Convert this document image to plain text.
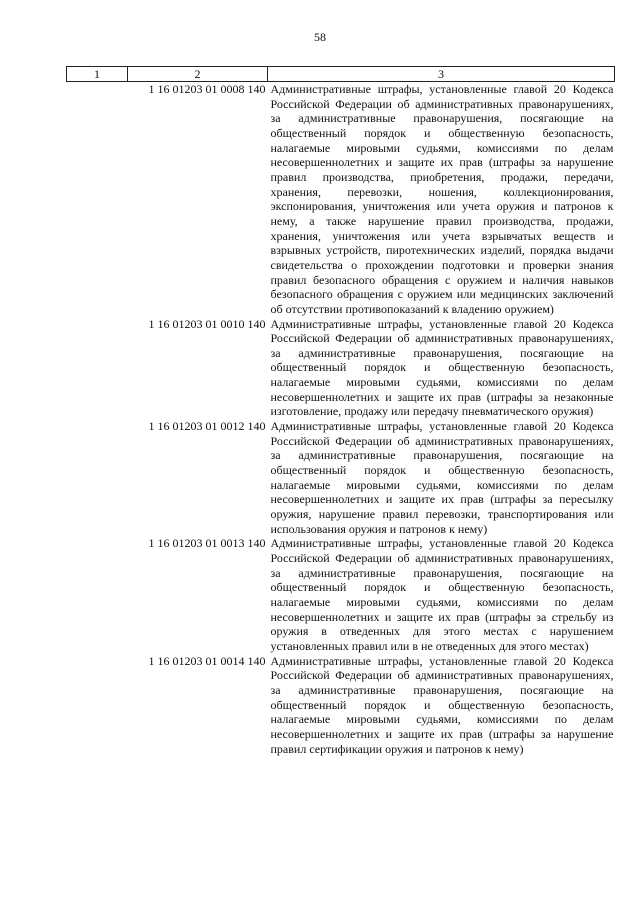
58
1	2	3
	1 16 01203 01 0008 140	Административные штрафы, установленные главой 20 Кодекса Российской Федерации об административных правонарушениях, за административные правонарушения, посягающие на общественный порядок и общественную безопасность, налагаемые мировыми судьями, комиссиями по делам несовершеннолетних и защите их прав (штрафы за нарушение правил производства, приобретения, продажи, передачи, хранения, перевозки, ношения, коллекционирования, экспонирования, уничтожения или учета оружия и патронов к нему, а также нарушение правил производства, продажи, хранения, уничтожения или учета взрывчатых веществ и взрывных устройств, пиротехнических изделий, порядка выдачи свидетельства о прохождении подготовки и проверки знания правил безопасного обращения с оружием и наличия навыков безопасного обращения с оружием или медицинских заключений об отсутствии противопоказаний к владению оружием)
	1 16 01203 01 0010 140	Административные штрафы, установленные главой 20 Кодекса Российской Федерации об административных правонарушениях, за административные правонарушения, посягающие на общественный порядок и общественную безопасность, налагаемые мировыми судьями, комиссиями по делам несовершеннолетних и защите их прав (штрафы за незаконные изготовление, продажу или передачу пневматического оружия)
	1 16 01203 01 0012 140	Административные штрафы, установленные главой 20 Кодекса Российской Федерации об административных правонарушениях, за административные правонарушения, посягающие на общественный порядок и общественную безопасность, налагаемые мировыми судьями, комиссиями по делам несовершеннолетних и защите их прав (штрафы за пересылку оружия, нарушение правил перевозки, транспортирования или использования оружия и патронов к нему)
	1 16 01203 01 0013 140	Административные штрафы, установленные главой 20 Кодекса Российской Федерации об административных правонарушениях, за административные правонарушения, посягающие на общественный порядок и общественную безопасность, налагаемые мировыми судьями, комиссиями по делам несовершеннолетних и защите их прав (штрафы за стрельбу из оружия в отведенных для этого местах с нарушением установленных правил или в не отведенных для этого местах)
	1 16 01203 01 0014 140	Административные штрафы, установленные главой 20 Кодекса Российской Федерации об административных правонарушениях, за административные правонарушения, посягающие на общественный порядок и общественную безопасность, налагаемые мировыми судьями, комиссиями по делам несовершеннолетних и защите их прав (штрафы за нарушение правил сертификации оружия и патронов к нему)
